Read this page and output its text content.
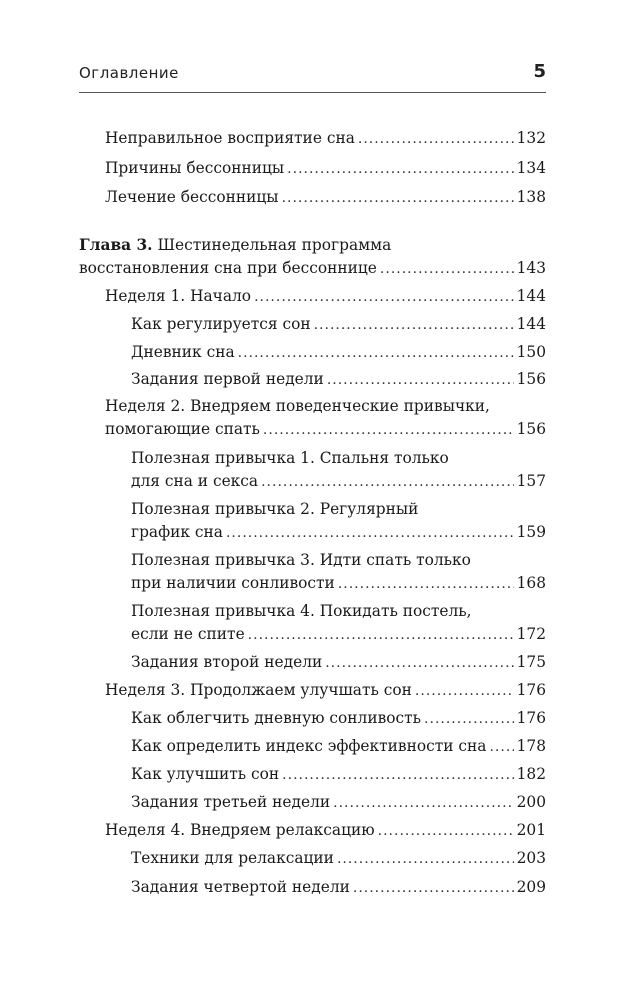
Оглавление	5
Неправильное восприятие сна .....	132
Причины бессонницы .....	134
Лечение бессонницы .....	138
Глава 3. Шестинедельная программа
восстановления сна при бессоннице .....	143
Неделя 1. Начало .....	144
Как регулируется сон .....	144
Дневник сна .....	150
Задания первой недели .....	156
Неделя 2. Внедряем поведенческие привычки,
помогающие спать .....	156
Полезная привычка 1. Спальня только
для сна и секса .....	157
Полезная привычка 2. Регулярный
график сна .....	159
Полезная привычка 3. Идти спать только
при наличии сонливости .....	168
Полезная привычка 4. Покидать постель,
если не спите .....	172
Задания второй недели .....	175
Неделя 3. Продолжаем улучшать сон .....	176
Как облегчить дневную сонливость .....	176
Как определить индекс эффективности сна ..... 178
Как улучшить сон .....	182
Задания третьей недели .....	200
Неделя 4. Внедряем релаксацию .....	201
Техники для релаксации .....	203
Задания четвертой недели .....	209
